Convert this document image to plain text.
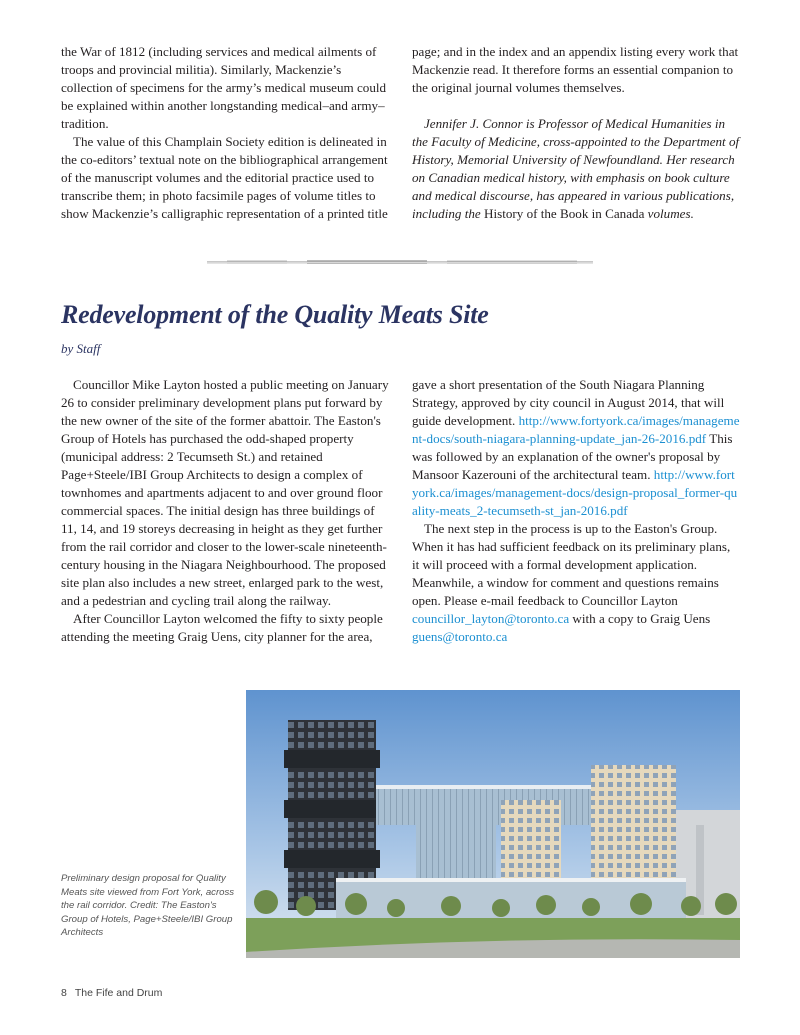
the War of 1812 (including services and medical ailments of troops and provincial militia). Similarly, Mackenzie’s collection of specimens for the army’s medical museum could be explained within another longstanding medical–and army–tradition.

The value of this Champlain Society edition is delineated in the co-editors’ textual note on the bibliographical arrangement of the manuscript volumes and the editorial practice used to transcribe them; in photo facsimile pages of volume titles to show Mackenzie’s calligraphic representation of a printed title

page; and in the index and an appendix listing every work that Mackenzie read. It therefore forms an essential companion to the original journal volumes themselves.

Jennifer J. Connor is Professor of Medical Humanities in the Faculty of Medicine, cross-appointed to the Department of History, Memorial University of Newfoundland. Her research on Canadian medical history, with emphasis on book culture and medical discourse, has appeared in various publications, including the History of the Book in Canada volumes.

Redevelopment of the Quality Meats Site
by Staff

Councillor Mike Layton hosted a public meeting on January 26 to consider preliminary development plans put forward by the new owner of the site of the former abattoir. The Easton's Group of Hotels has purchased the odd-shaped property (municipal address: 2 Tecumseth St.) and retained Page+Steele/IBI Group Architects to design a complex of townhomes and apartments adjacent to and over ground floor commercial spaces. The initial design has three buildings of 11, 14, and 19 storeys decreasing in height as they get further from the rail corridor and closer to the lower-scale nineteenth-century housing in the Niagara Neighbourhood. The proposed site plan also includes a new street, enlarged park to the west, and a pedestrian and cycling trail along the railway.

After Councillor Layton welcomed the fifty to sixty people attending the meeting Graig Uens, city planner for the area,

gave a short presentation of the South Niagara Planning Strategy, approved by city council in August 2014, that will guide development. http://www.fortyork.ca/images/management-docs/south-niagara-planning-update_jan-26-2016.pdf This was followed by an explanation of the owner's proposal by Mansoor Kazerouni of the architectural team. http://www.fortyork.ca/images/management-docs/design-proposal_former-quality-meats_2-tecumseth-st_jan-2016.pdf

The next step in the process is up to the Easton's Group. When it has had sufficient feedback on its preliminary plans, it will proceed with a formal development application. Meanwhile, a window for comment and questions remains open. Please e-mail feedback to Councillor Layton councillor_layton@toronto.ca with a copy to Graig Uens guens@toronto.ca

Preliminary design proposal for Quality Meats site viewed from Fort York, across the rail corridor. Credit: The Easton's Group of Hotels, Page+Steele/IBI Group Architects
8 The Fife and Drum
